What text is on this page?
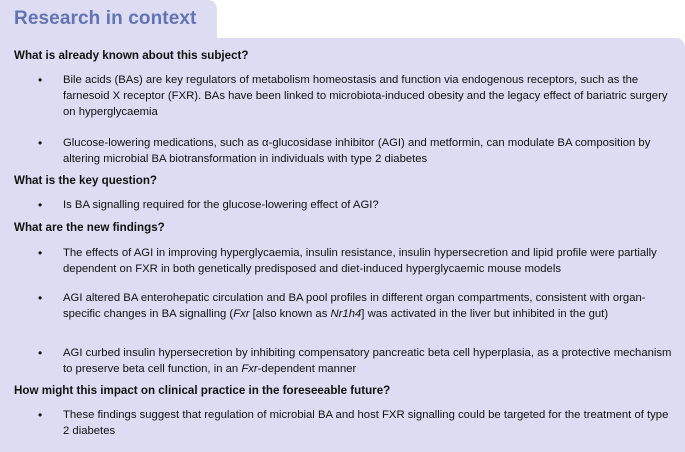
Research in context
What is already known about this subject?
• Bile acids (BAs) are key regulators of metabolism homeostasis and function via endogenous receptors, such as the farnesoid X receptor (FXR). BAs have been linked to microbiota-induced obesity and the legacy effect of bariatric surgery on hyperglycaemia
• Glucose-lowering medications, such as α-glucosidase inhibitor (AGI) and metformin, can modulate BA composition by altering microbial BA biotransformation in individuals with type 2 diabetes
What is the key question?
• Is BA signalling required for the glucose-lowering effect of AGI?
What are the new findings?
• The effects of AGI in improving hyperglycaemia, insulin resistance, insulin hypersecretion and lipid profile were partially dependent on FXR in both genetically predisposed and diet-induced hyperglycaemic mouse models
• AGI altered BA enterohepatic circulation and BA pool profiles in different organ compartments, consistent with organ-specific changes in BA signalling (Fxr [also known as Nr1h4] was activated in the liver but inhibited in the gut)
• AGI curbed insulin hypersecretion by inhibiting compensatory pancreatic beta cell hyperplasia, as a protective mechanism to preserve beta cell function, in an Fxr-dependent manner
How might this impact on clinical practice in the foreseeable future?
• These findings suggest that regulation of microbial BA and host FXR signalling could be targeted for the treatment of type 2 diabetes
